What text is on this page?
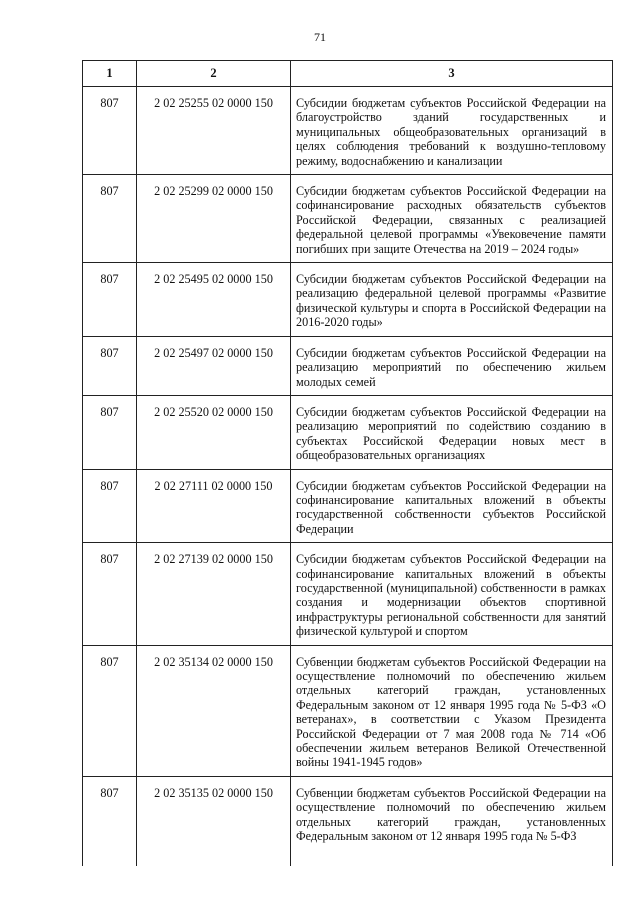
71
1	2	3
807	2 02 25255 02 0000 150	Субсидии бюджетам субъектов Российской Федерации на благоустройство зданий государственных и муниципальных общеобразовательных организаций в целях соблюдения требований к воздушно-тепловому режиму, водоснабжению и канализации
807	2 02 25299 02 0000 150	Субсидии бюджетам субъектов Российской Федерации на софинансирование расходных обязательств субъектов Российской Федерации, связанных с реализацией федеральной целевой программы «Увековечение памяти погибших при защите Отечества на 2019 – 2024 годы»
807	2 02 25495 02 0000 150	Субсидии бюджетам субъектов Российской Федерации на реализацию федеральной целевой программы «Развитие физической культуры и спорта в Российской Федерации на 2016-2020 годы»
807	2 02 25497 02 0000 150	Субсидии бюджетам субъектов Российской Федерации на реализацию мероприятий по обеспечению жильем молодых семей
807	2 02 25520 02 0000 150	Субсидии бюджетам субъектов Российской Федерации на реализацию мероприятий по содействию созданию в субъектах Российской Федерации новых мест в общеобразовательных организациях
807	2 02 27111 02 0000 150	Субсидии бюджетам субъектов Российской Федерации на софинансирование капитальных вложений в объекты государственной собственности субъектов Российской Федерации
807	2 02 27139 02 0000 150	Субсидии бюджетам субъектов Российской Федерации на софинансирование капитальных вложений в объекты государственной (муниципальной) собственности в рамках создания и модернизации объектов спортивной инфраструктуры региональной собственности для занятий физической культурой и спортом
807	2 02 35134 02 0000 150	Субвенции бюджетам субъектов Российской Федерации на осуществление полномочий по обеспечению жильем отдельных категорий граждан, установленных Федеральным законом от 12 января 1995 года № 5-ФЗ «О ветеранах», в соответствии с Указом Президента Российской Федерации от 7 мая 2008 года № 714 «Об обеспечении жильем ветеранов Великой Отечественной войны 1941-1945 годов»
807	2 02 35135 02 0000 150	Субвенции бюджетам субъектов Российской Федерации на осуществление полномочий по обеспечению жильем отдельных категорий граждан, установленных Федеральным законом от 12 января 1995 года № 5-ФЗ
